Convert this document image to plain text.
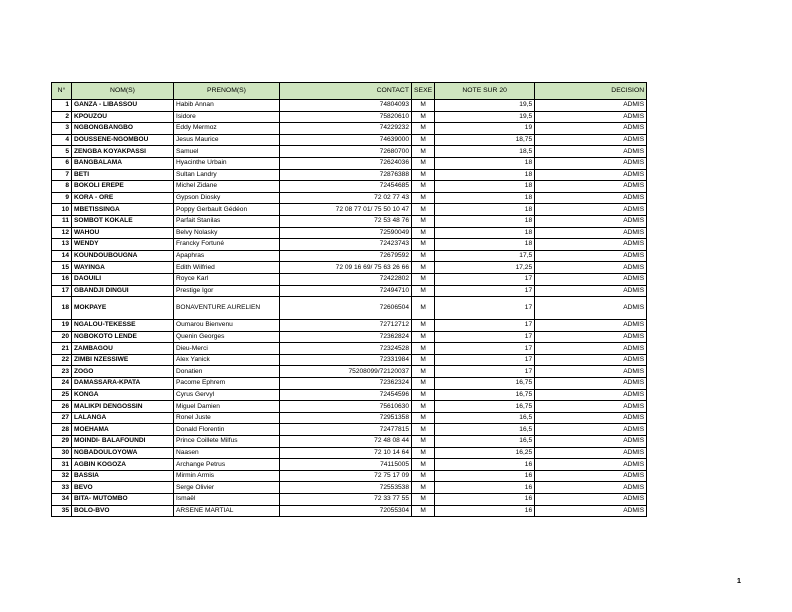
N°	NOM(S)	PRENOM(S)	CONTACT	SEXE	NOTE SUR 20	DECISION
1	GANZA - LIBASSOU	Habib Annan	74804093	M	19,5	ADMIS
2	KPOUZOU	Isidore	75820610	M	19,5	ADMIS
3	NGBONGBANGBO	Eddy Mermoz	74229232	M	19	ADMIS
4	DOUSSENE-NGOMBOU	Jesus Maurice	74639000	M	18,75	ADMIS
5	ZENGBA KOYAKPASSI	Samuel	72680700	M	18,5	ADMIS
6	BANGBALAMA	Hyacinthe Urbain	72624036	M	18	ADMIS
7	BETI	Sultan Landry	72876388	M	18	ADMIS
8	BOKOLI EREPE	Michel Zidane	72454685	M	18	ADMIS
9	KORA - ORE	Gypson Diosky	72 02 77 43	M	18	ADMIS
10	MBETISSINGA	Poppy Gerbault Gédéon	72 08 77 01/ 75 50 10 47	M	18	ADMIS
11	SOMBOT KOKALE	Parfait Stanilas	72 53 48 76	M	18	ADMIS
12	WAHOU	Belvy Nolasky	72590049	M	18	ADMIS
13	WENDY	Francky Fortuné	72423743	M	18	ADMIS
14	KOUNDOUBOUGNA	Apaphras	72679592	M	17,5	ADMIS
15	WAYINGA	Edith Wilfried	72 09 16 69/ 75 63 26 66	M	17,25	ADMIS
16	DAOUILI	Royce Karl	72422802	M	17	ADMIS
17	GBANDJI DINGUI	Prestige Igor	72494710	M	17	ADMIS
18	MOKPAYE	BONAVENTURE AURELIEN	72606504	M	17	ADMIS
19	NGALOU-TEKESSE	Oumarou Bienvenu	72712712	M	17	ADMIS
20	NGBOKOTO LENDE	Quenin Georges	72362824	M	17	ADMIS
21	ZAMBAGOU	Dieu-Merci	72324528	M	17	ADMIS
22	ZIMBI NZESSIWE	Alex Yanick	72331984	M	17	ADMIS
23	ZOGO	Donatien	75208099/72120037	M	17	ADMIS
24	DAMASSARA-KPATA	Pacome Ephrem	72362324	M	16,75	ADMIS
25	KONGA	Cyrus Gervyl	72454596	M	16,75	ADMIS
26	MALIKPI DENGOSSIN	Miguel Damien	75610630	M	16,75	ADMIS
27	LALANGA	Ronel Juste	72951358	M	16,5	ADMIS
28	MOEHAMA	Donald Florentin	72477815	M	16,5	ADMIS
29	MOINDI- BALAFOUNDI	Prince Coillete Milfus	72 48 08 44	M	16,5	ADMIS
30	NGBADOULOYOWA	Naasen	72 10 14 64	M	16,25	ADMIS
31	AGBIN KOGOZA	Archange Petrus	74115005	M	16	ADMIS
32	BASSIA	Mirmin Armis	72 75 17 09	M	16	ADMIS
33	BEVO	Serge Olivier	72553538	M	16	ADMIS
34	BITA- MUTOMBO	Ismaël	72 33 77 55	M	16	ADMIS
35	BOLO-BVO	ARSENE MARTIAL	72055304	M	16	ADMIS
1
